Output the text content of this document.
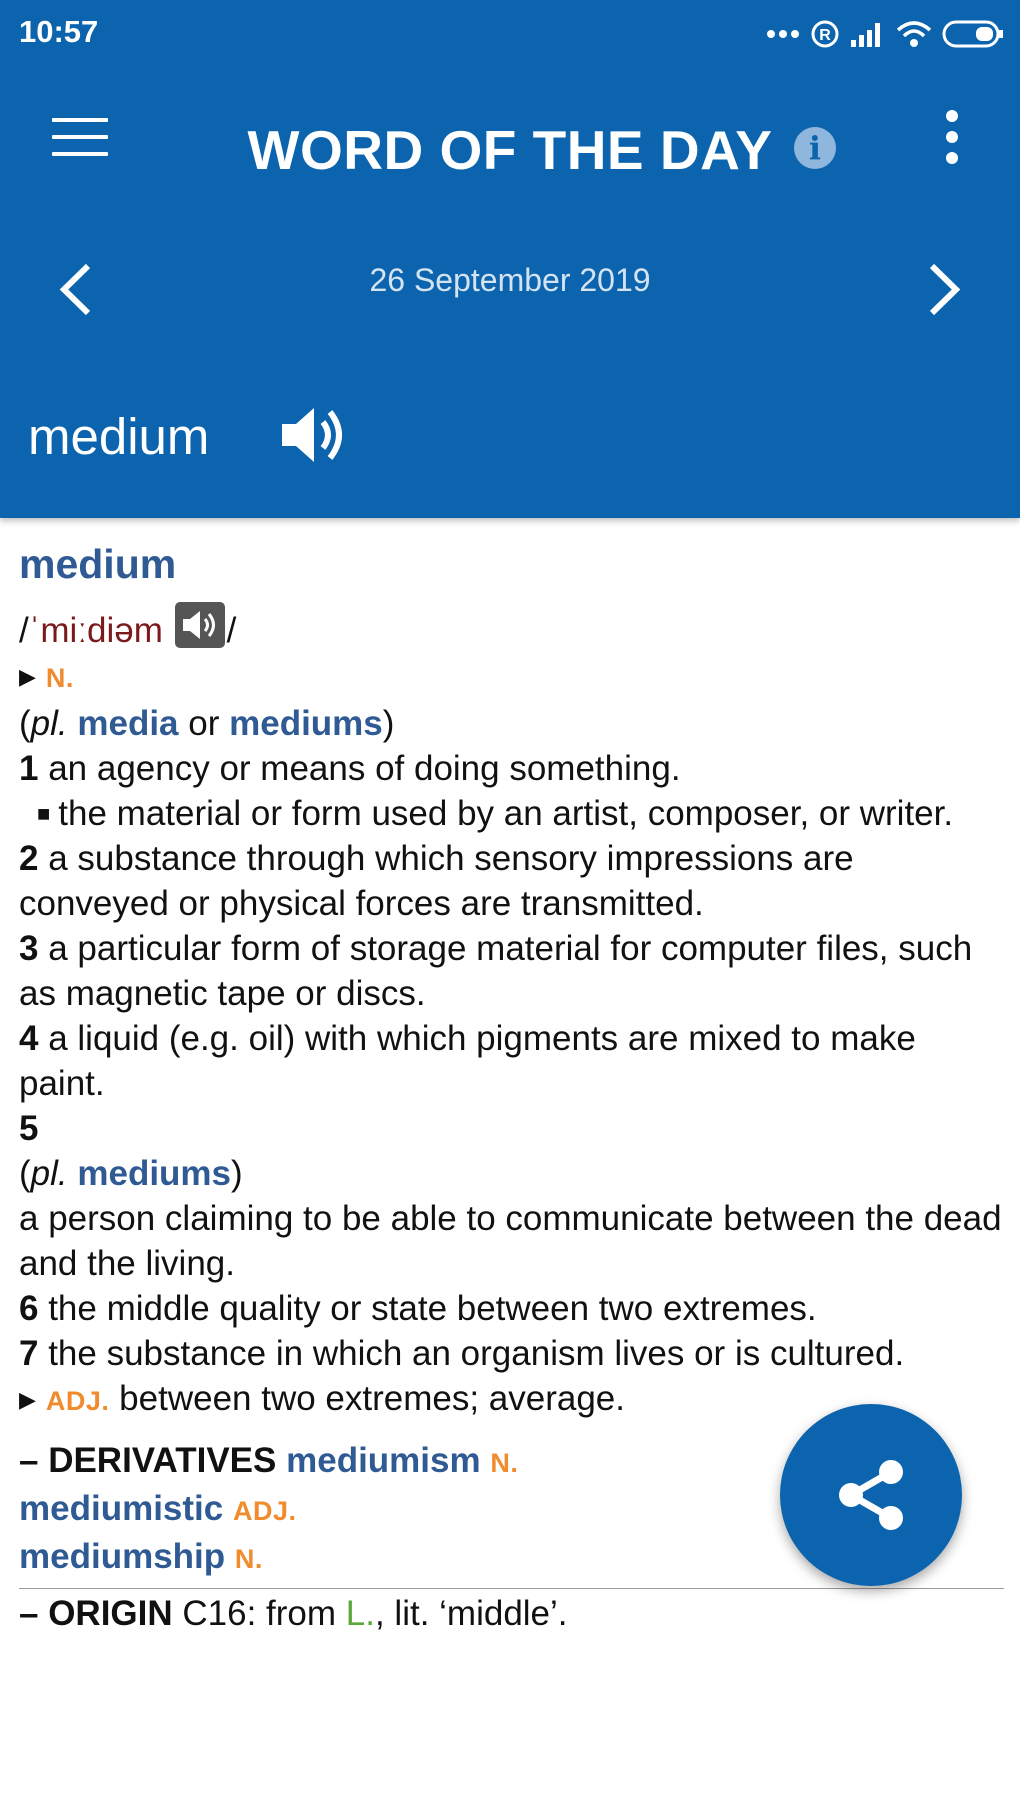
10:57	R
WORD OF THE DAY	i
26 September 2019
medium

medium

/ˈmiːdiəm /

▶ N.

(pl. media or mediums)

1 an agency or means of doing something.

■ the material or form used by an artist, composer, or writer.

2 a substance through which sensory impressions are conveyed or physical forces are transmitted.

3 a particular form of storage material for computer files, such as magnetic tape or discs.

4 a liquid (e.g. oil) with which pigments are mixed to make paint.

5

(pl. mediums)

a person claiming to be able to communicate between the dead and the living.

6 the middle quality or state between two extremes.

7 the substance in which an organism lives or is cultured.

▶ ADJ. between two extremes; average.

– DERIVATIVES mediumism N.

mediumistic ADJ.

mediumship N.

– ORIGIN C16: from L., lit. ‘middle’.
